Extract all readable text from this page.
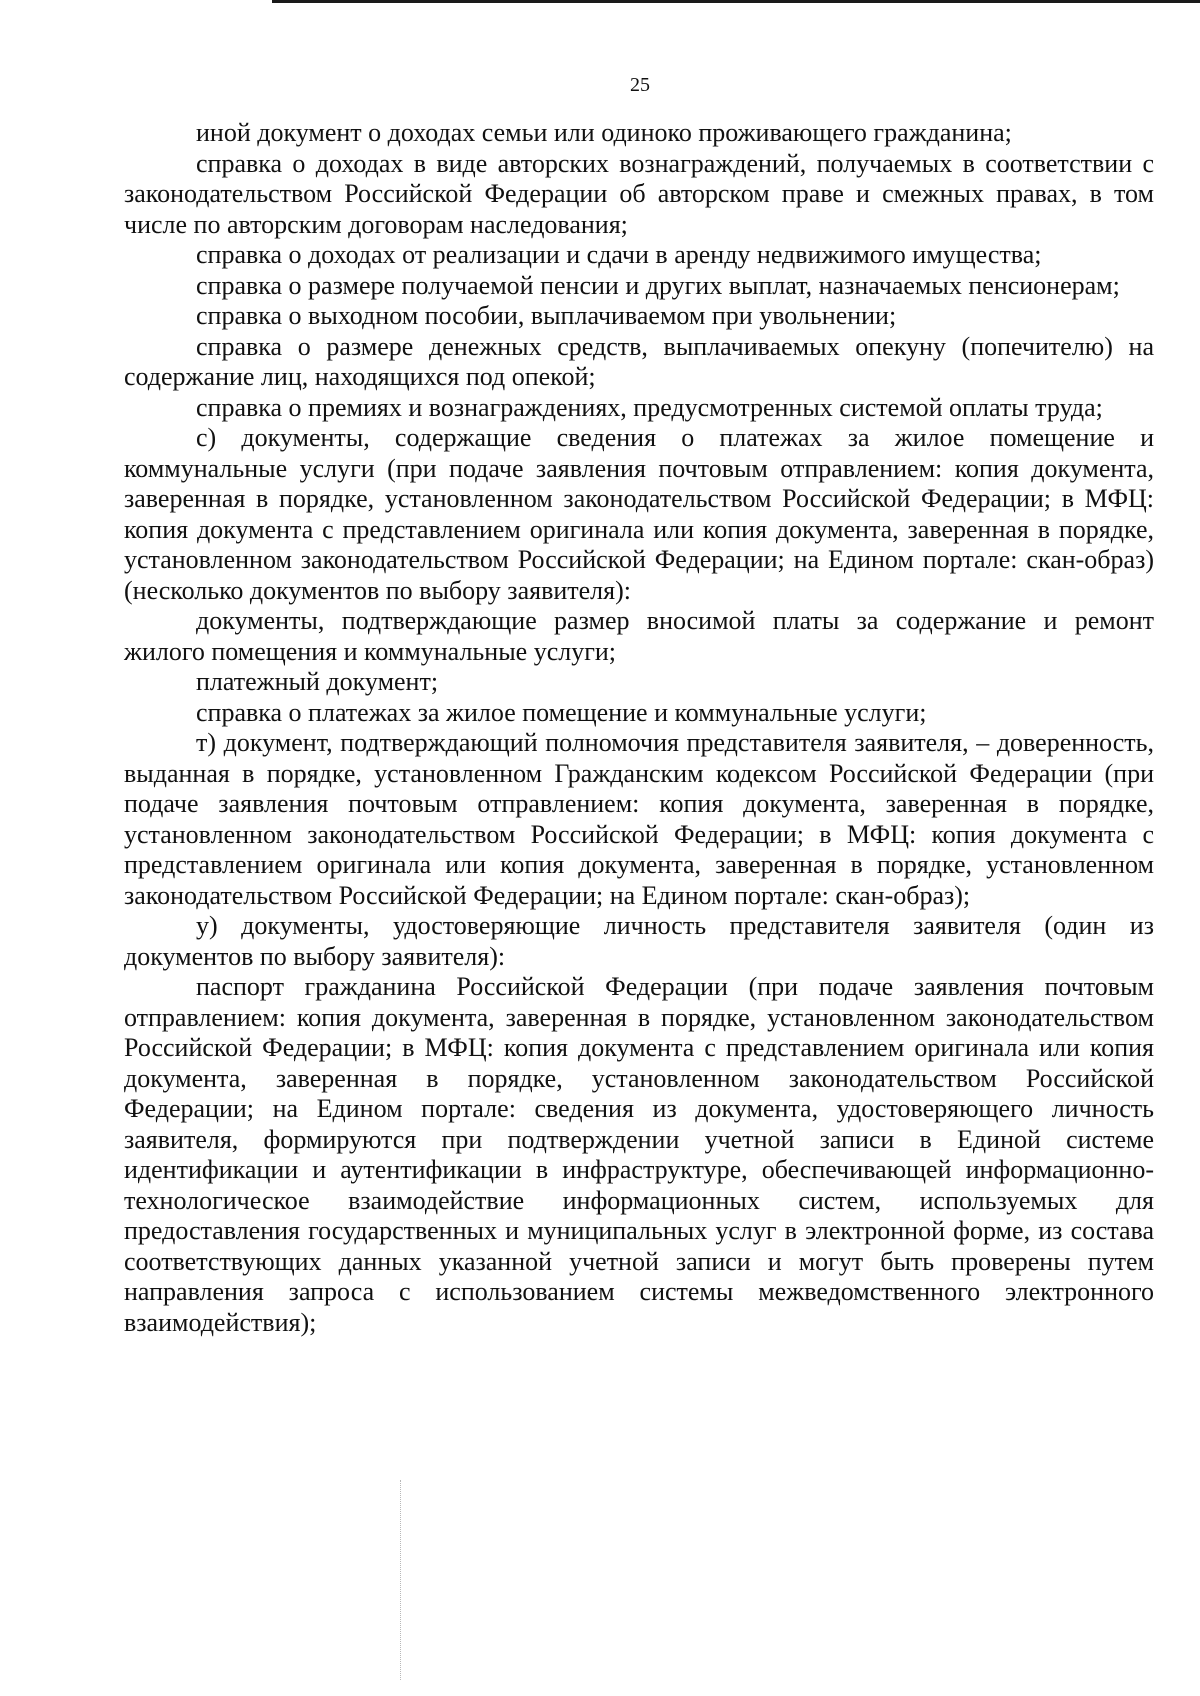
25

иной документ о доходах семьи или одиноко проживающего гражданина;

справка о доходах в виде авторских вознаграждений, получаемых в соответствии с законодательством Российской Федерации об авторском праве и смежных правах, в том числе по авторским договорам наследования;

справка о доходах от реализации и сдачи в аренду недвижимого имущества;

справка о размере получаемой пенсии и других выплат, назначаемых пенсионерам;

справка о выходном пособии, выплачиваемом при увольнении;

справка о размере денежных средств, выплачиваемых опекуну (попечителю) на содержание лиц, находящихся под опекой;

справка о премиях и вознаграждениях, предусмотренных системой оплаты труда;

с) документы, содержащие сведения о платежах за жилое помещение и коммунальные услуги (при подаче заявления почтовым отправлением: копия документа, заверенная в порядке, установленном законодательством Российской Федерации; в МФЦ: копия документа с представлением оригинала или копия документа, заверенная в порядке, установленном законодательством Российской Федерации; на Едином портале: скан-образ) (несколько документов по выбору заявителя):

документы, подтверждающие размер вносимой платы за содержание и ремонт жилого помещения и коммунальные услуги;

платежный документ;

справка о платежах за жилое помещение и коммунальные услуги;

т) документ, подтверждающий полномочия представителя заявителя, – доверенность, выданная в порядке, установленном Гражданским кодексом Российской Федерации (при подаче заявления почтовым отправлением: копия документа, заверенная в порядке, установленном законодательством Российской Федерации; в МФЦ: копия документа с представлением оригинала или копия документа, заверенная в порядке, установленном законодательством Российской Федерации; на Едином портале: скан-образ);

у) документы, удостоверяющие личность представителя заявителя (один из документов по выбору заявителя):

паспорт гражданина Российской Федерации (при подаче заявления почтовым отправлением: копия документа, заверенная в порядке, установленном законодательством Российской Федерации; в МФЦ: копия документа с представлением оригинала или копия документа, заверенная в порядке, установленном законодательством Российской Федерации; на Едином портале: сведения из документа, удостоверяющего личность заявителя, формируются при подтверждении учетной записи в Единой системе идентификации и аутентификации в инфраструктуре, обеспечивающей информационно-технологическое взаимодействие информационных систем, используемых для предоставления государственных и муниципальных услуг в электронной форме, из состава соответствующих данных указанной учетной записи и могут быть проверены путем направления запроса с использованием системы межведомственного электронного взаимодействия);
